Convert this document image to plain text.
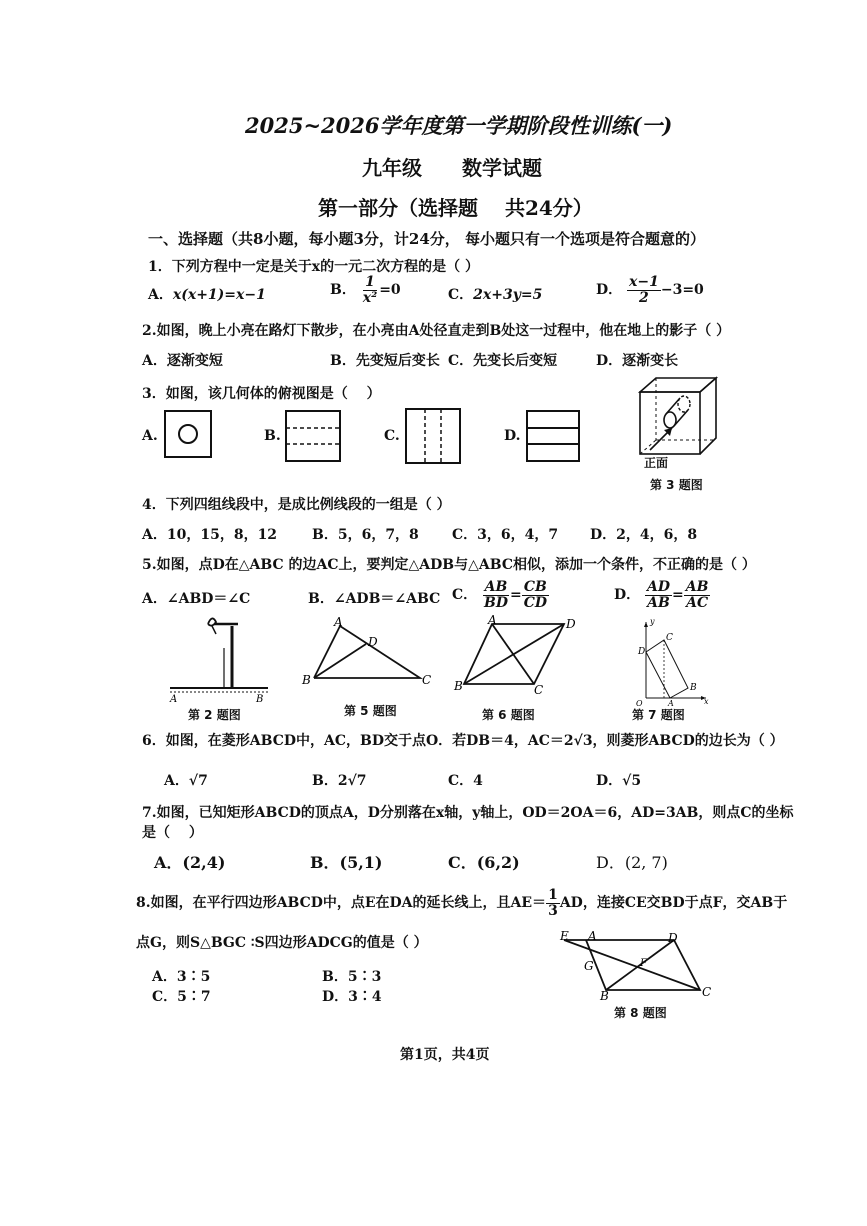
2025~2026学年度第一学期阶段性训练(一)
九年级　　数学试题
第一部分（选择题　 共24分）
一、选择题（共8小题，每小题3分，计24分， 每小题只有一个选项是符合题意的）
1．下列方程中一定是关于x的一元二次方程的是（ ）
A．x(x+1)=x−1	B． $\frac{1}{\text{x²}} =0$	C．2x+3y=5	D． $\frac{x-1}{2} -3=0$
2.如图，晚上小亮在路灯下散步，在小亮由A处径直走到B处这一过程中，他在地上的影子（ ）
A．逐渐变短	B．先变短后变长 C．先变长后变短	D．逐渐变长
3．如图，该几何体的俯视图是（　 ）
A.	B.	C.	D.
正面
第 3 题图
4．下列四组线段中，是成比例线段的一组是（ ）
A．10，15，8，12 B．5，6，7，8 C．3，6，4，7 D．2，4，6，8
5.如图，点D在△ABC 的边AC上，要判定△ADB与△ABC相似，添加一个条件，不正确的是（ ）
A．∠ABD＝∠C	B．∠ADB＝∠ABC C． $\frac{AB}{BD} = \frac{CB}{CD}$	D． $\frac{AD}{AB} = \frac{AB}{AC}$
A	B
第 2 题图
A
D
B	C
第 5 题图
A	D
B	C
第 6 题图
y
x
D
C
B
A
O
第 7 题图
6．如图，在菱形ABCD中，AC，BD交于点O．若DB＝4，AC＝2√3，则菱形ABCD的边长为（ ）
A．√7	B．2√7	C．4	D．√5
7.如图，已知矩形ABCD的顶点A，D分别落在x轴，y轴上，OD＝2OA＝6，AD=3AB，则点C的坐标
是（　 ）
A．(2,4)	B．(5,1)	C．(6,2)	D．(2, 7)
8.如图，在平行四边形ABCD中，点E在DA的延长线上，且$AE= \frac{1}{3}$ AD，连接CE交BD于点F，交AB于
点G，则S△BGC ∶S四边形ADCG的值是（ ）
A．3∶5	B．5∶3
C．5∶7	D．3∶4
E A	D
G	F
B	C
第 8 题图
第1页，共4页
